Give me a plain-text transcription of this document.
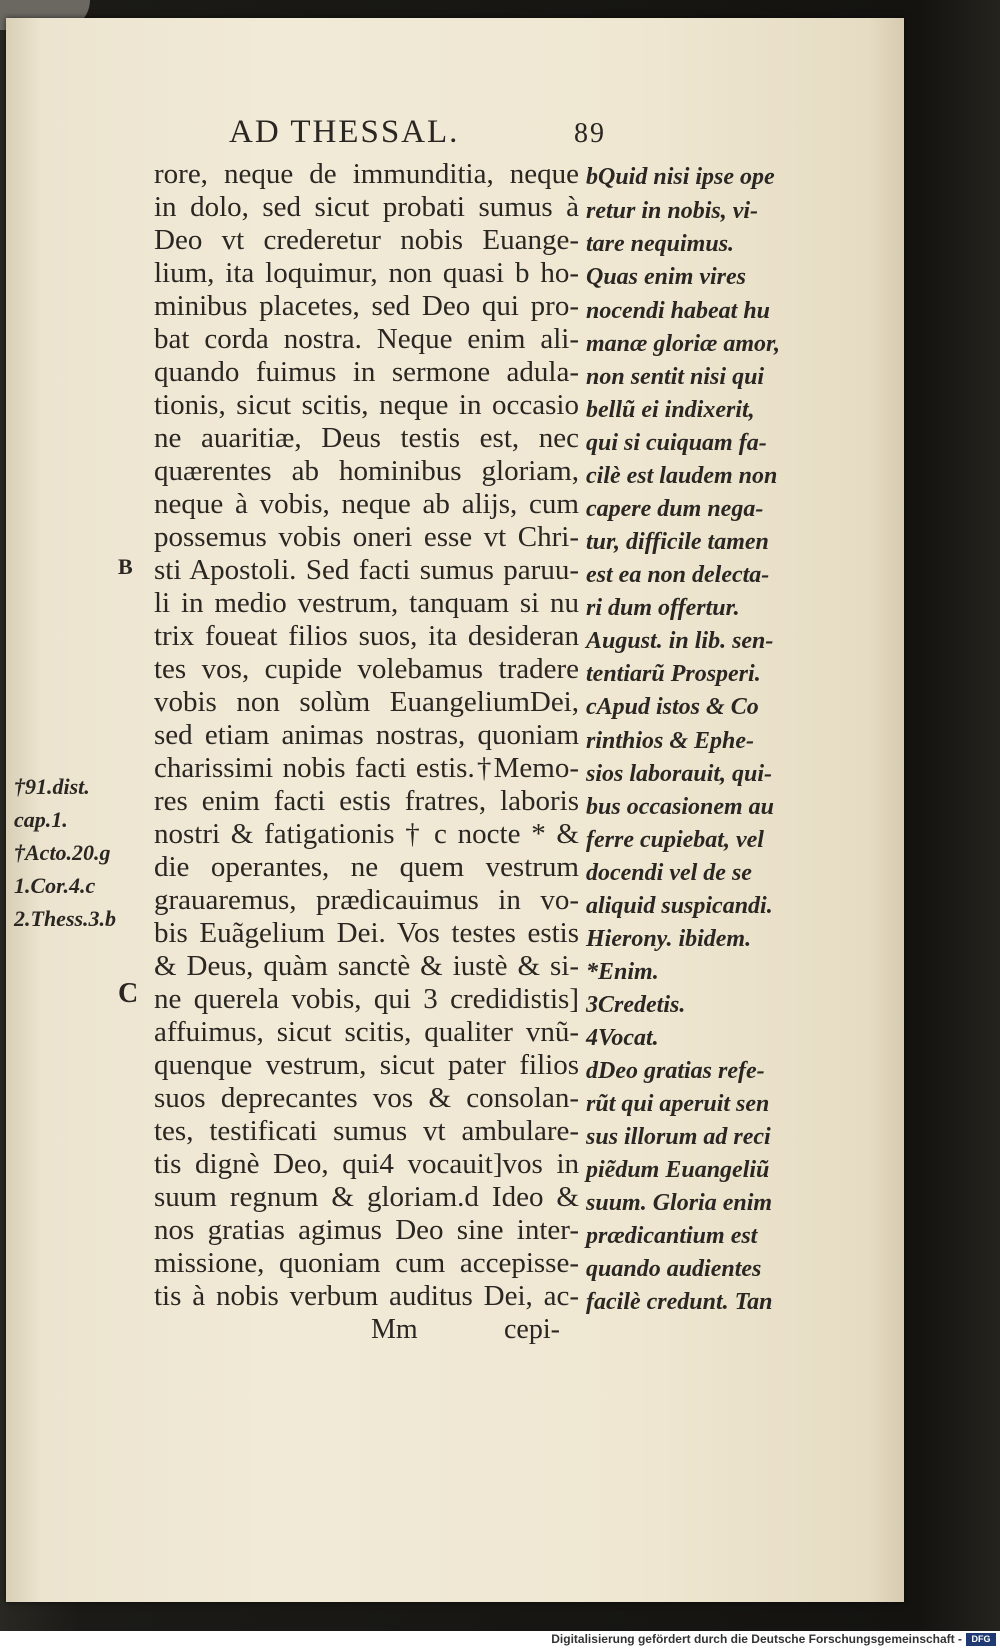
AD THESSAL.	89
rore, neque de immunditia, neque
in dolo, sed sicut probati sumus à
Deo vt crederetur nobis Euange-
lium, ita loquimur, non quasi b ho-
minibus placetes, sed Deo qui pro-
bat corda nostra. Neque enim ali-
quando fuimus in sermone adula-
tionis, sicut scitis, neque in occasio
ne auaritiæ, Deus testis est, nec
quærentes ab hominibus gloriam,
neque à vobis, neque ab alijs, cum
possemus vobis oneri esse vt Chri-
sti Apostoli. Sed facti sumus paruu-
li in medio vestrum, tanquam si nu
trix foueat filios suos, ita desideran
tes vos, cupide volebamus tradere
vobis non solùm EuangeliumDei,
sed etiam animas nostras, quoniam
charissimi nobis facti estis.†Memo-
res enim facti estis fratres, laboris
nostri & fatigationis † c nocte * &
die operantes, ne quem vestrum
grauaremus, prædicauimus in vo-
bis Euãgelium Dei. Vos testes estis
& Deus, quàm sanctè & iustè & si-
ne querela vobis, qui 3 credidistis]
affuimus, sicut scitis, qualiter vnũ-
quenque vestrum, sicut pater filios
suos deprecantes vos & consolan-
tes, testificati sumus vt ambulare-
tis dignè Deo, qui4 vocauit]vos in
suum regnum & gloriam.d Ideo &
nos gratias agimus Deo sine inter-
missione, quoniam cum accepisse-
tis à nobis verbum auditus Dei, ac-
Mm	cepi-
B
C
bQuid nisi ipse ope
retur in nobis, vi-
tare nequimus.
Quas enim vires
nocendi habeat hu
manæ gloriæ amor,
non sentit nisi qui
bellũ ei indixerit,
qui si cuiquam fa-
cilè est laudem non
capere dum nega-
tur, difficile tamen
est ea non delecta-
ri dum offertur.
August. in lib. sen-
tentiarũ Prosperi.
cApud istos & Co
rinthios & Ephe-
sios laborauit, qui-
bus occasionem au
ferre cupiebat, vel
docendi vel de se
aliquid suspicandi.
Hierony. ibidem.
*Enim.
3Credetis.
4Vocat.
dDeo gratias refe-
rũt qui aperuit sen
sus illorum ad reci
piẽdum Euangeliũ
suum. Gloria enim
prædicantium est
quando audientes
facilè credunt. Tan
†91.dist.
cap.1.
†Acto.20.g
1.Cor.4.c
2.Thess.3.b
Digitalisierung gefördert durch die Deutsche Forschungsgemeinschaft -	DFG
